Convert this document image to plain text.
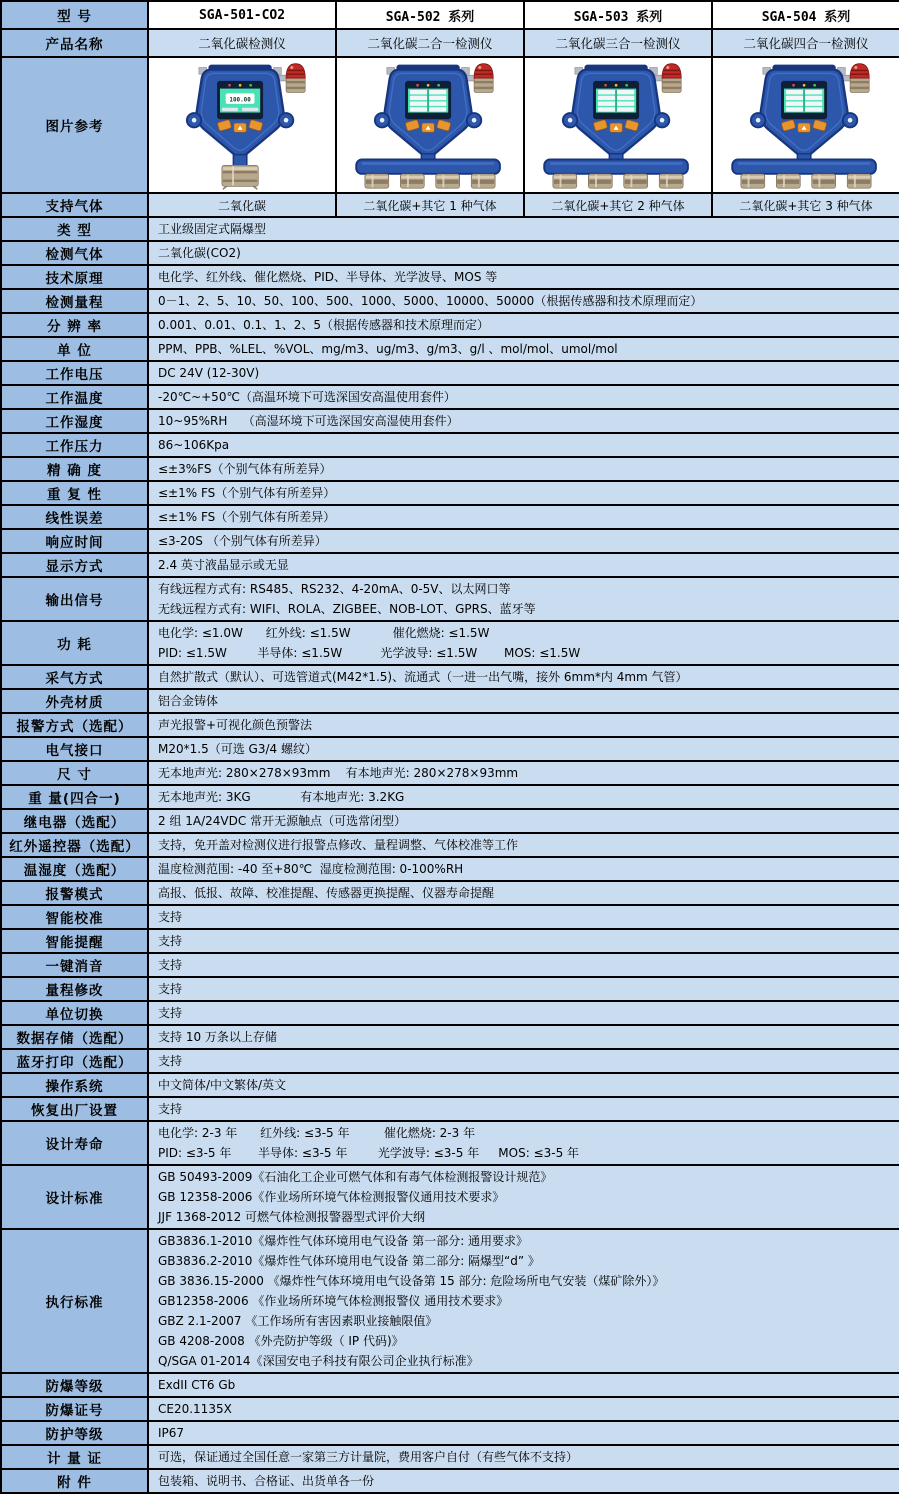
型 号	SGA-501-CO2	SGA-502 系列	SGA-503 系列	SGA-504 系列
产品名称	二氧化碳检测仪	二氧化碳二合一检测仪	二氧化碳三合一检测仪	二氧化碳四合一检测仪
图片参考	100.00

支持气体	二氧化碳	二氧化碳+其它 1 种气体	二氧化碳+其它 2 种气体	二氧化碳+其它 3 种气体
类 型	工业级固定式隔爆型			

检测气体	二氧化碳(CO2)			

技术原理	电化学、红外线、催化燃烧、PID、半导体、光学波导、MOS 等			

检测量程	0－1、2、5、10、50、100、500、1000、5000、10000、50000（根据传感器和技术原理而定）			

分 辨 率	0.001、0.01、0.1、1、2、5（根据传感器和技术原理而定）			

单 位	PPM、PPB、%LEL、%VOL、mg/m3、ug/m3、g/m3、g/l 、mol/mol、umol/mol			

工作电压	DC 24V (12-30V)			

工作温度	-20℃~+50℃（高温环境下可选深国安高温使用套件）			

工作湿度	10~95%RH    （高湿环境下可选深国安高湿使用套件）			

工作压力	86~106Kpa			

精 确 度	≤±3%FS（个别气体有所差异）			

重 复 性	≤±1% FS（个别气体有所差异）			

线性误差	≤±1% FS（个别气体有所差异）			

响应时间	≤3-20S （个别气体有所差异）			

显示方式	2.4 英寸液晶显示或无显			

输出信号	有线远程方式有: RS485、RS232、4-20mA、0-5V、以太网口等
无线远程方式有: WIFI、ROLA、ZIGBEE、NOB-LOT、GPRS、蓝牙等			

功 耗	电化学: ≤1.0W      红外线: ≤1.5W           催化燃烧: ≤1.5W
PID: ≤1.5W        半导体: ≤1.5W          光学波导: ≤1.5W       MOS: ≤1.5W			

采气方式	自然扩散式（默认）、可选管道式(M42*1.5)、流通式（一进一出气嘴，接外 6mm*内 4mm 气管）			

外壳材质	铝合金铸体			

报警方式（选配）	声光报警+可视化颜色预警法			

电气接口	M20*1.5（可选 G3/4 螺纹）			

尺 寸	无本地声光: 280×278×93mm    有本地声光: 280×278×93mm			

重 量(四合一)	无本地声光: 3KG             有本地声光: 3.2KG			

继电器（选配）	2 组 1A/24VDC 常开无源触点（可选常闭型）			

红外遥控器（选配）	支持，免开盖对检测仪进行报警点修改、量程调整、气体校准等工作			

温湿度（选配）	温度检测范围: -40 至+80℃  湿度检测范围: 0-100%RH			

报警模式	高报、低报、故障、校准提醒、传感器更换提醒、仪器寿命提醒			

智能校准	支持			

智能提醒	支持			

一键消音	支持			

量程修改	支持			

单位切换	支持			

数据存储（选配）	支持 10 万条以上存储			

蓝牙打印（选配）	支持			

操作系统	中文简体/中文繁体/英文			

恢复出厂设置	支持			

设计寿命	电化学: 2-3 年      红外线: ≤3-5 年         催化燃烧: 2-3 年
PID: ≤3-5 年       半导体: ≤3-5 年        光学波导: ≤3-5 年     MOS: ≤3-5 年			

设计标准	GB 50493-2009《石油化工企业可燃气体和有毒气体检测报警设计规范》
GB 12358-2006《作业场所环境气体检测报警仪通用技术要求》
JJF 1368-2012 可燃气体检测报警器型式评价大纲			

执行标准	
GB3836.1-2010《爆炸性气体环境用电气设备 第一部分: 通用要求》
GB3836.2-2010《爆炸性气体环境用电气设备 第二部分: 隔爆型“d” 》
GB 3836.15-2000 《爆炸性气体环境用电气设备第 15 部分: 危险场所电气安装（煤矿除外）》
GB12358-2006 《作业场所环境气体检测报警仪 通用技术要求》
GBZ 2.1-2007 《工作场所有害因素职业接触限值》
GB 4208-2008 《外壳防护等级（ IP 代码)》
Q/SGA 01-2014《深国安电子科技有限公司企业执行标准》

防爆等级	ExdII CT6 Gb			

防爆证号	CE20.1135X			

防护等级	IP67			

计 量 证	可选，保证通过全国任意一家第三方计量院，费用客户自付（有些气体不支持）			

附 件	包装箱、说明书、合格证、出货单各一份			
